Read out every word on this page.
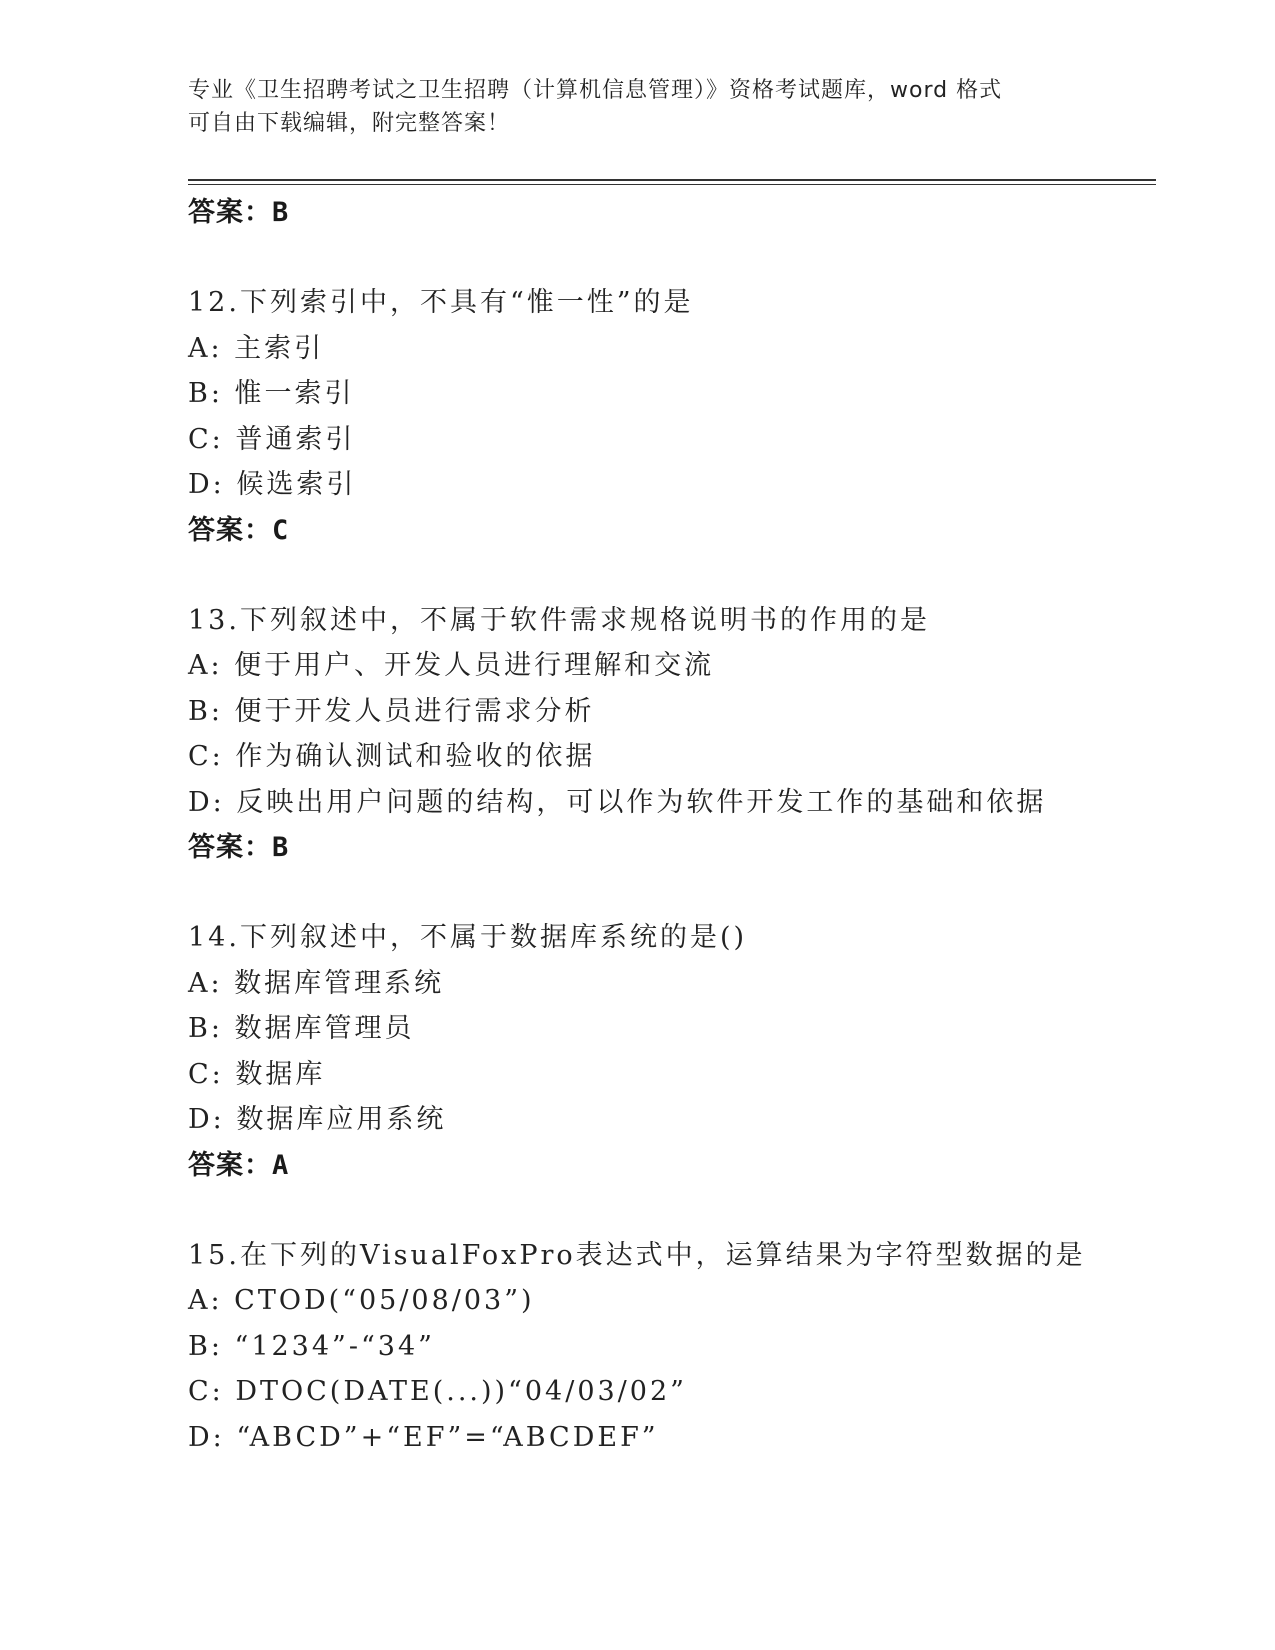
专业《卫生招聘考试之卫生招聘（计算机信息管理）》资格考试题库，word 格式
可自由下载编辑，附完整答案！
答案：B
12.下列索引中，不具有“惟一性”的是
A: 主索引
B: 惟一索引
C: 普通索引
D: 候选索引
答案：C
13.下列叙述中，不属于软件需求规格说明书的作用的是
A: 便于用户、开发人员进行理解和交流
B: 便于开发人员进行需求分析
C: 作为确认测试和验收的依据
D: 反映出用户问题的结构，可以作为软件开发工作的基础和依据
答案：B
14.下列叙述中，不属于数据库系统的是()
A: 数据库管理系统
B: 数据库管理员
C: 数据库
D: 数据库应用系统
答案：A
15.在下列的VisualFoxPro表达式中，运算结果为字符型数据的是
A: CTOD(“05/08/03”)
B: “1234”-“34”
C: DTOC(DATE(...))“04/03/02”
D: “ABCD”+“EF”=“ABCDEF”
